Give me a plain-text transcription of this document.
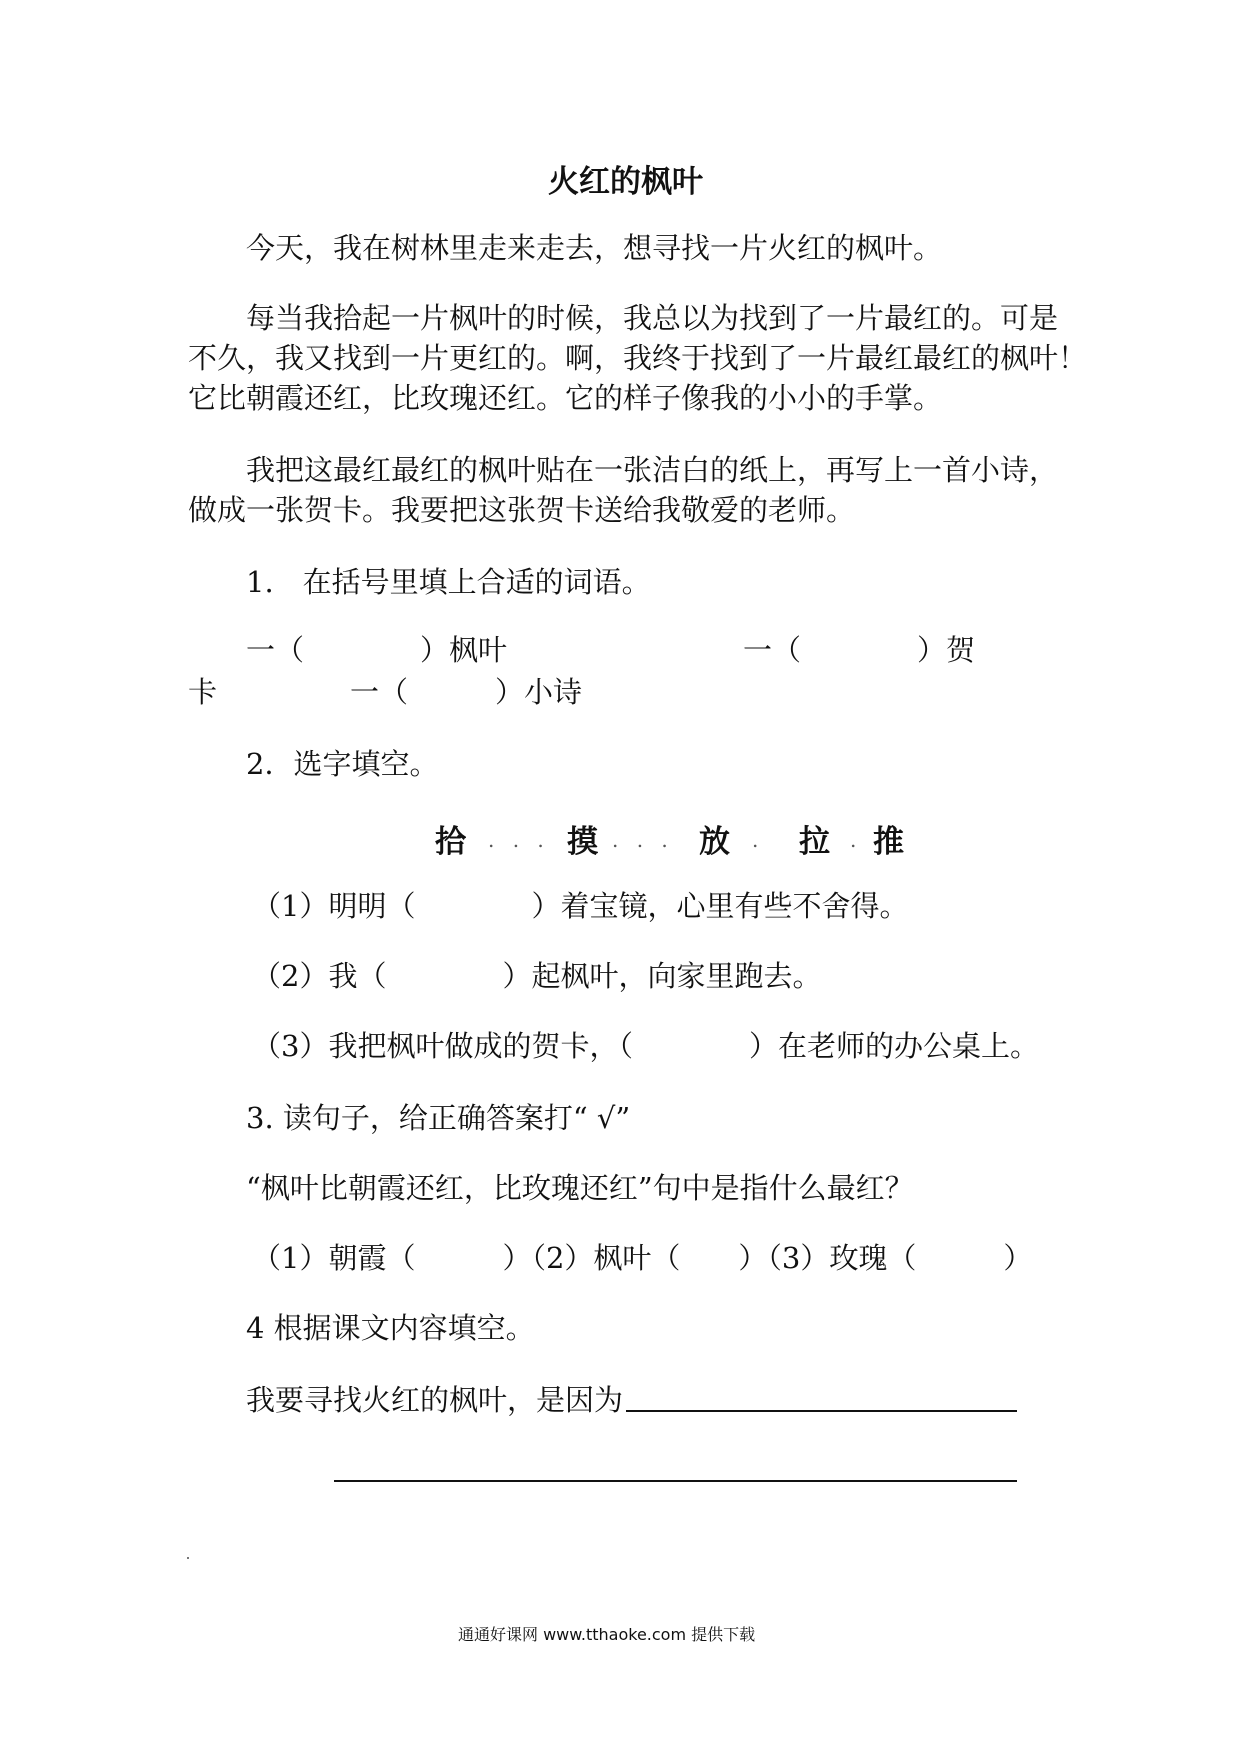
火红的枫叶
今天，我在树林里走来走去，想寻找一片火红的枫叶。
每当我拾起一片枫叶的时候，我总以为找到了一片最红的。可是
不久，我又找到一片更红的。啊，我终于找到了一片最红最红的枫叶！
它比朝霞还红，比玫瑰还红。它的样子像我的小小的手掌。
我把这最红最红的枫叶贴在一张洁白的纸上，再写上一首小诗，
做成一张贺卡。我要把这张贺卡送给我敬爱的老师。
1.　在括号里填上合适的词语。
一（　　　　）枫叶	一（　　　　）贺
卡	一（　　　）小诗
2．选字填空。
拾 . . . 摸 . . . 放 . 拉 . 推
（1）明明（　　　　）着宝镜，心里有些不舍得。
（2）我（　　　　）起枫叶，向家里跑去。
（3）我把枫叶做成的贺卡，（　　　　）在老师的办公桌上。
3. 读句子，给正确答案打“ √”
“枫叶比朝霞还红，比玫瑰还红”句中是指什么最红？
（1）朝霞（　　　）（2）枫叶（　　）（3）玫瑰（　　　）
4 根据课文内容填空。
我要寻找火红的枫叶，是因为
通通好课网 www.tthaoke.com 提供下载
